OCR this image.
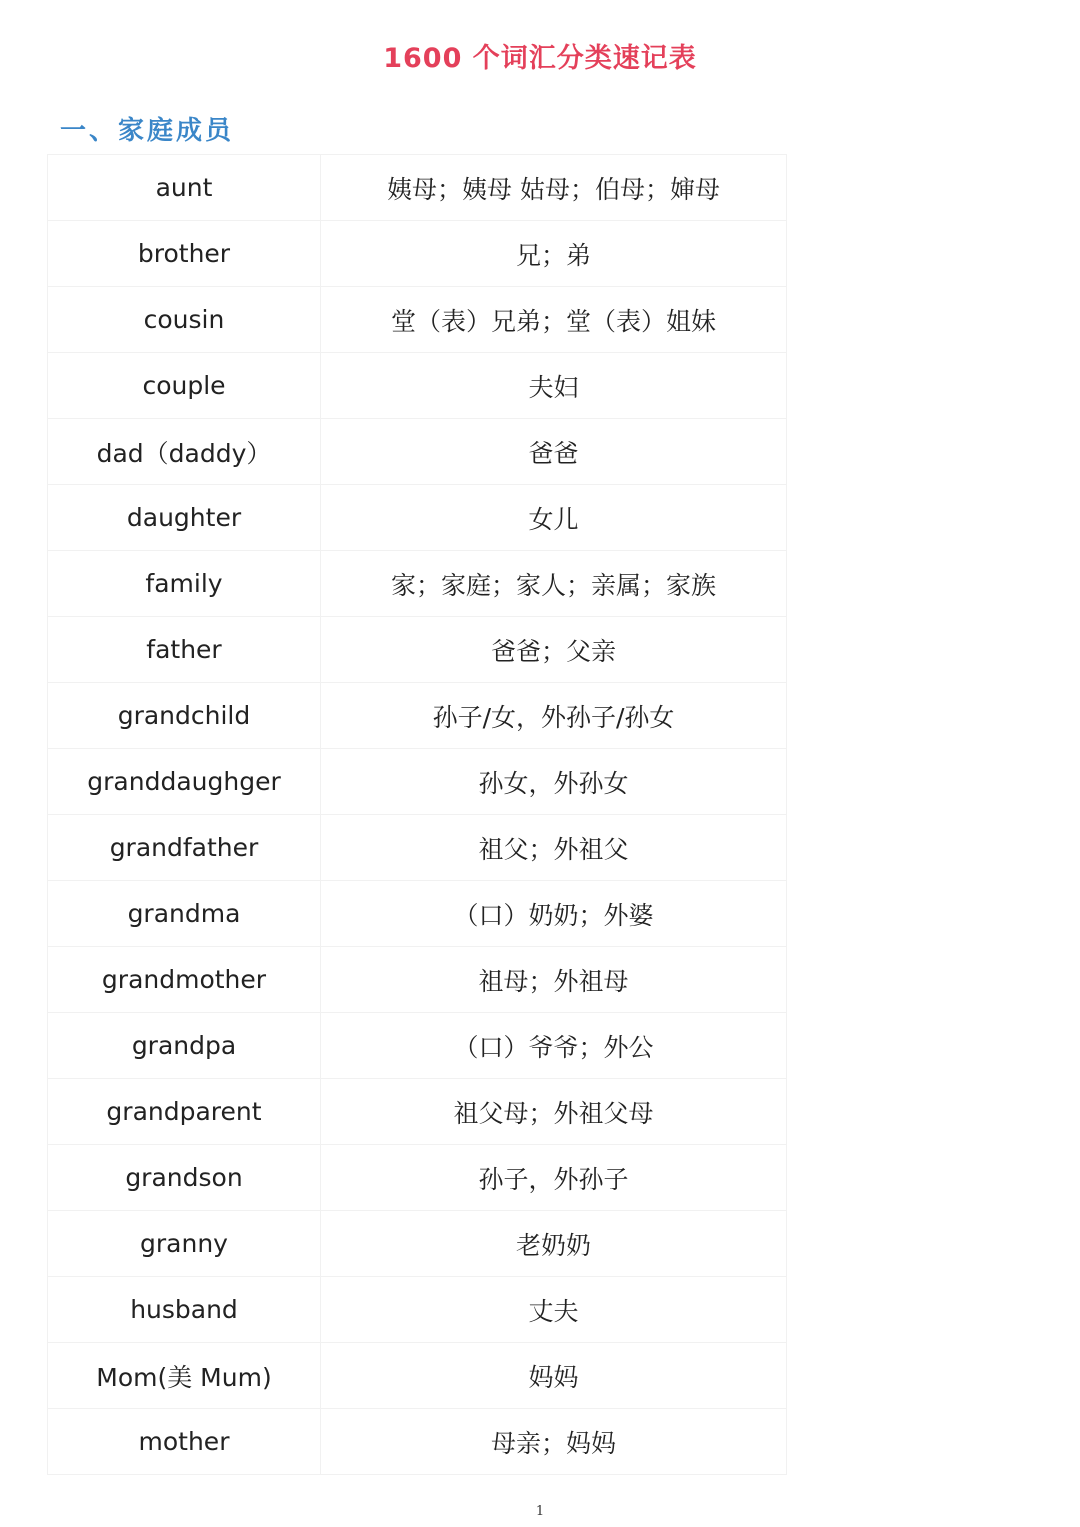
1600 个词汇分类速记表
一、家庭成员
aunt	姨母；姨母 姑母；伯母；婶母
brother	兄；弟
cousin	堂（表）兄弟；堂（表）姐妹
couple	夫妇
dad（daddy）	爸爸
daughter	女儿
family	家；家庭；家人；亲属；家族
father	爸爸；父亲
grandchild	孙子/女，外孙子/孙女
granddaughger	孙女，外孙女
grandfather	祖父；外祖父
grandma	（口）奶奶；外婆
grandmother	祖母；外祖母
grandpa	（口）爷爷；外公
grandparent	祖父母；外祖父母
grandson	孙子，外孙子
granny	老奶奶
husband	丈夫
Mom(美 Mum)	妈妈
mother	母亲；妈妈
1
